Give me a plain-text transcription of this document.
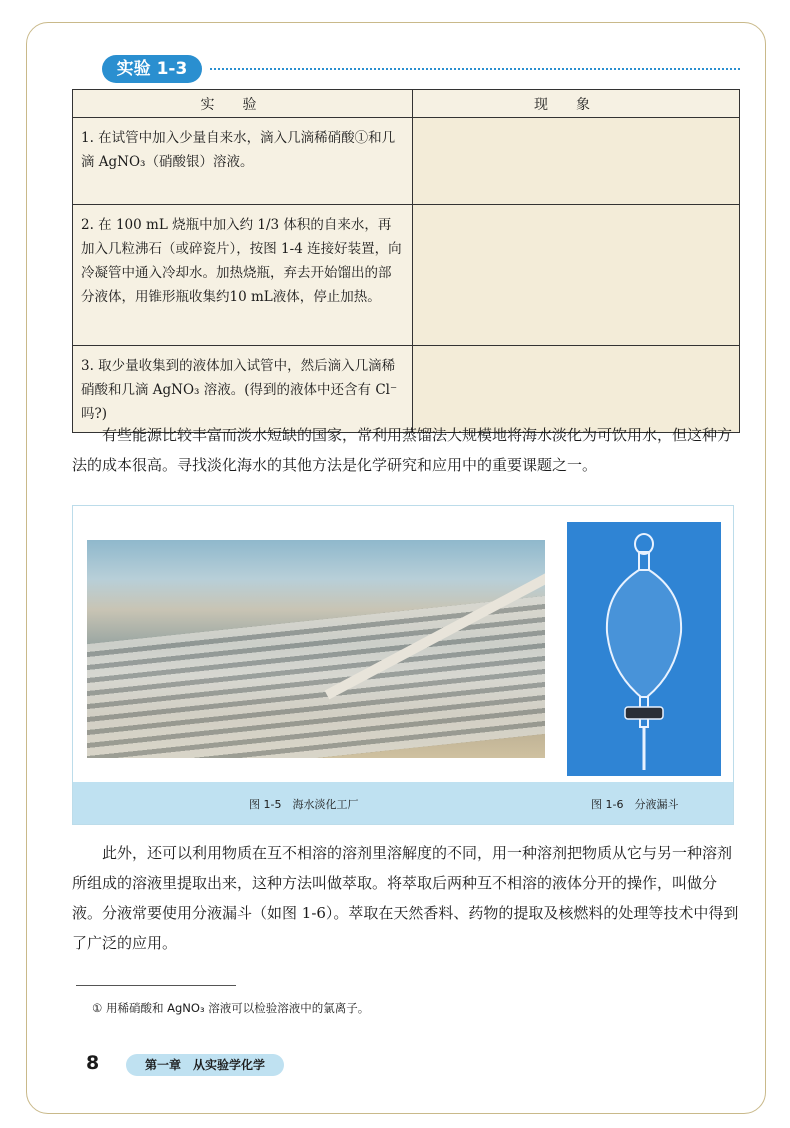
实验 1-3
实验	现象
1. 在试管中加入少量自来水，滴入几滴稀硝酸①和几滴 AgNO₃（硝酸银）溶液。	
2. 在 100 mL 烧瓶中加入约 1/3 体积的自来水，再加入几粒沸石（或碎瓷片），按图 1-4 连接好装置，向冷凝管中通入冷却水。加热烧瓶，弃去开始馏出的部分液体，用锥形瓶收集约10 mL液体，停止加热。	
3. 取少量收集到的液体加入试管中，然后滴入几滴稀硝酸和几滴 AgNO₃ 溶液。(得到的液体中还含有 Cl⁻吗?)	
有些能源比较丰富而淡水短缺的国家，常利用蒸馏法大规模地将海水淡化为可饮用水，但这种方法的成本很高。寻找淡化海水的其他方法是化学研究和应用中的重要课题之一。
图 1-5　海水淡化工厂	图 1-6　分液漏斗
此外，还可以利用物质在互不相溶的溶剂里溶解度的不同，用一种溶剂把物质从它与另一种溶剂所组成的溶液里提取出来，这种方法叫做萃取。将萃取后两种互不相溶的液体分开的操作，叫做分液。分液常要使用分液漏斗（如图 1-6）。萃取在天然香料、药物的提取及核燃料的处理等技术中得到了广泛的应用。
① 用稀硝酸和 AgNO₃ 溶液可以检验溶液中的氯离子。
8	第一章　从实验学化学
